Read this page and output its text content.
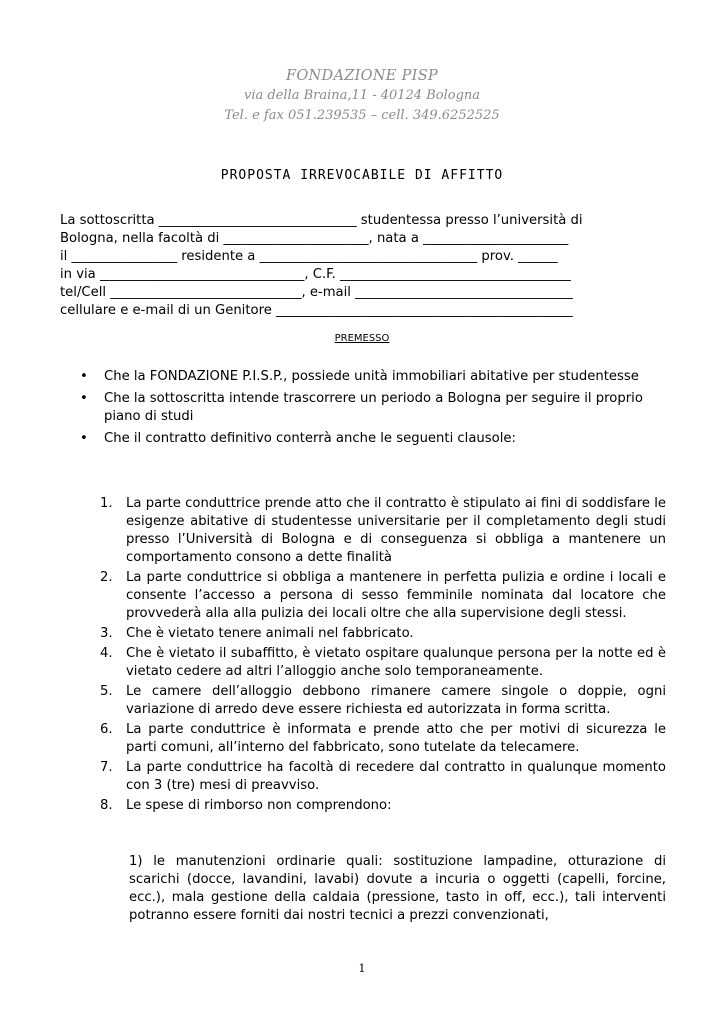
FONDAZIONE PISP
via della Braina,11 - 40124 Bologna
Tel. e fax 051.239535 – cell. 349.6252525
PROPOSTA IRREVOCABILE DI AFFITTO
La sottoscritta ______________________________ studentessa presso l’università di
Bologna, nella facoltà di ______________________, nata a ______________________
il ________________ residente a _________________________________ prov. ______
in via _______________________________, C.F. ___________________________________
tel/Cell _____________________________, e-mail _________________________________
cellulare e e-mail di un Genitore _____________________________________________
PREMESSO
•	Che la FONDAZIONE P.I.S.P., possiede unità immobiliari abitative per studentesse
•	Che la sottoscritta intende trascorrere un periodo a Bologna per seguire il proprio piano di studi
•	Che il contratto definitivo conterrà anche le seguenti clausole:
1.	La parte conduttrice prende atto che il contratto è stipulato ai fini di soddisfare le esigenze abitative di studentesse universitarie per il completamento degli studi presso l’Università di Bologna e di conseguenza si obbliga a mantenere un comportamento consono a dette finalità
2.	La parte conduttrice si obbliga a mantenere in perfetta pulizia e ordine i locali e consente l’accesso a persona di sesso femminile nominata dal locatore che provvederà alla alla pulizia dei locali oltre che alla supervisione degli stessi.
3.	Che è vietato tenere animali nel fabbricato.
4.	Che è vietato il subaffitto, è vietato ospitare qualunque persona per la notte ed è vietato cedere ad altri l’alloggio anche solo temporaneamente.
5.	Le camere dell’alloggio debbono rimanere camere singole o doppie, ogni variazione di arredo deve essere richiesta ed autorizzata in forma scritta.
6.	La parte conduttrice è informata e prende atto che per motivi di sicurezza le parti comuni, all’interno del fabbricato, sono tutelate da telecamere.
7.	La parte conduttrice ha facoltà di recedere dal contratto in qualunque momento con 3 (tre) mesi di preavviso.
8.	Le spese di rimborso non comprendono:
1) le manutenzioni ordinarie quali: sostituzione lampadine, otturazione di scarichi (docce, lavandini, lavabi) dovute a incuria o oggetti (capelli, forcine, ecc.), mala gestione della caldaia (pressione, tasto in off, ecc.), tali interventi potranno essere forniti dai nostri tecnici a prezzi convenzionati,
1
